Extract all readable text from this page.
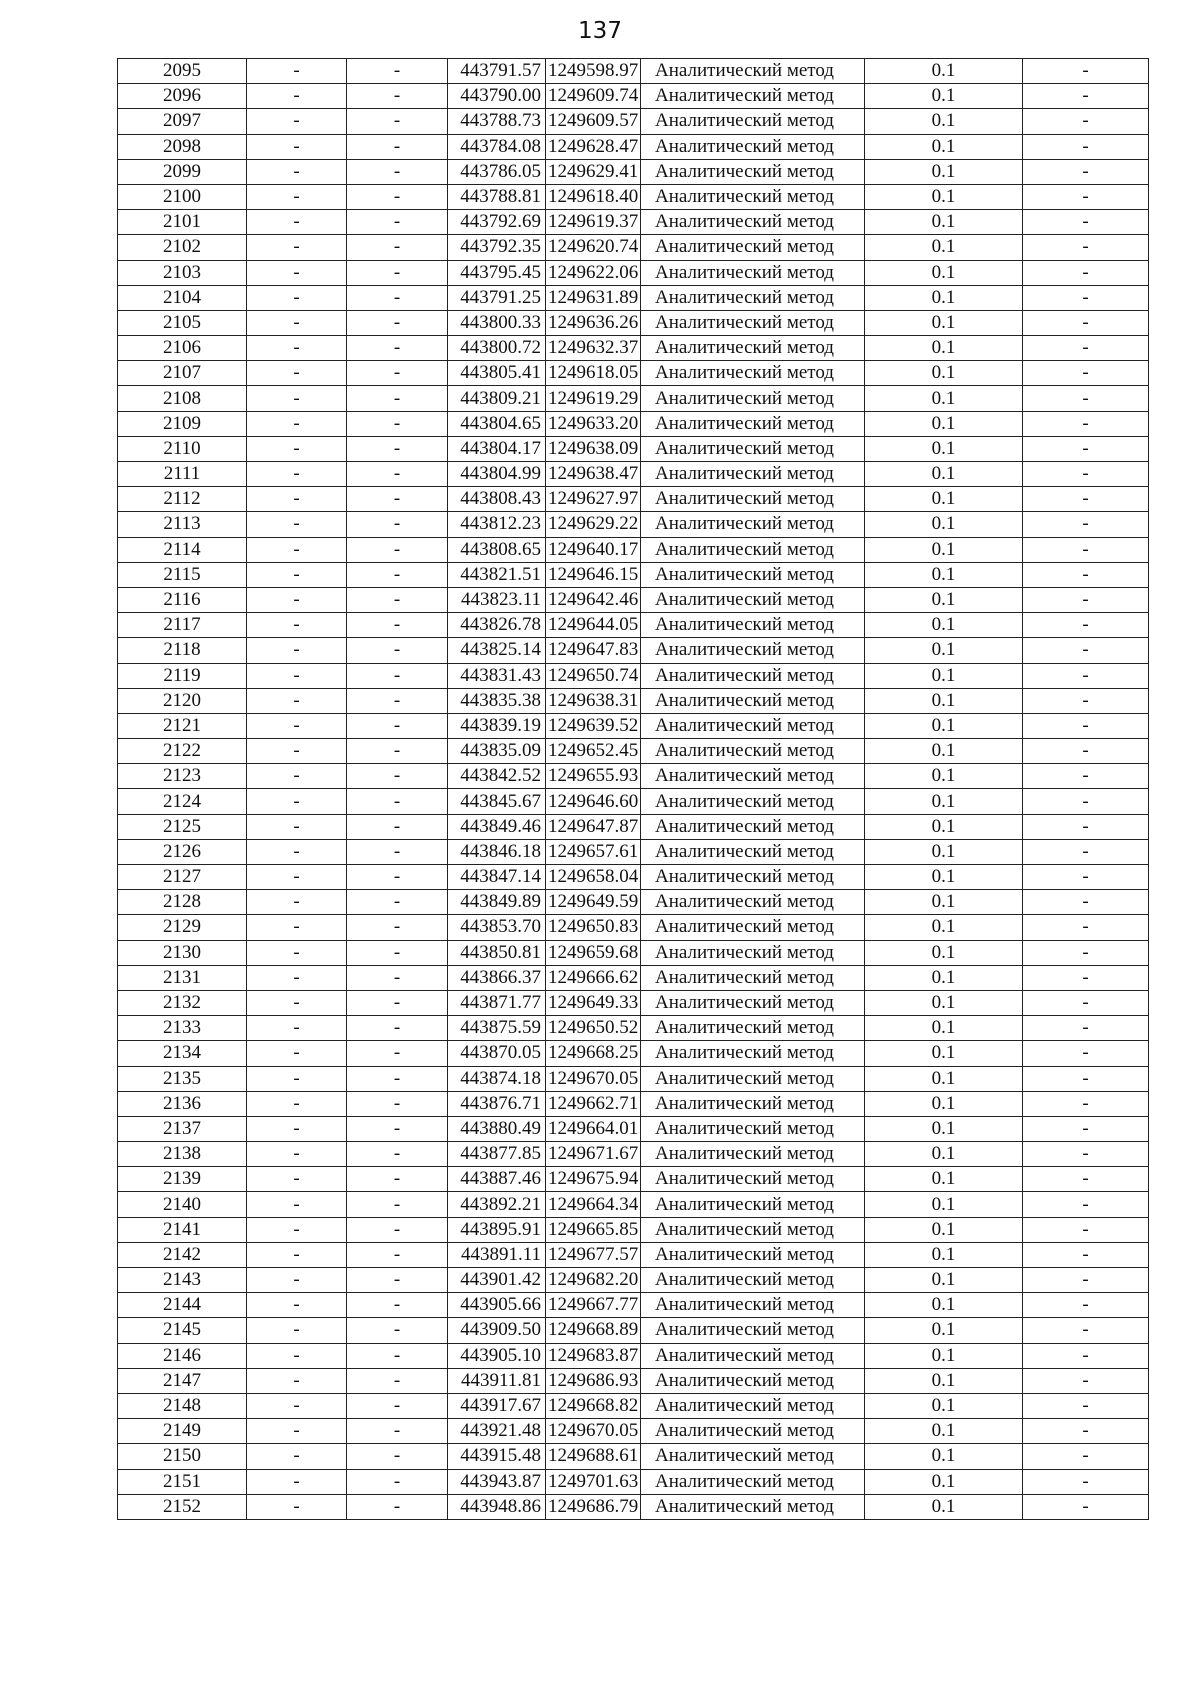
137
2095	-	-	443791.57	1249598.97	Аналитический метод	0.1	-
2096	-	-	443790.00	1249609.74	Аналитический метод	0.1	-
2097	-	-	443788.73	1249609.57	Аналитический метод	0.1	-
2098	-	-	443784.08	1249628.47	Аналитический метод	0.1	-
2099	-	-	443786.05	1249629.41	Аналитический метод	0.1	-
2100	-	-	443788.81	1249618.40	Аналитический метод	0.1	-
2101	-	-	443792.69	1249619.37	Аналитический метод	0.1	-
2102	-	-	443792.35	1249620.74	Аналитический метод	0.1	-
2103	-	-	443795.45	1249622.06	Аналитический метод	0.1	-
2104	-	-	443791.25	1249631.89	Аналитический метод	0.1	-
2105	-	-	443800.33	1249636.26	Аналитический метод	0.1	-
2106	-	-	443800.72	1249632.37	Аналитический метод	0.1	-
2107	-	-	443805.41	1249618.05	Аналитический метод	0.1	-
2108	-	-	443809.21	1249619.29	Аналитический метод	0.1	-
2109	-	-	443804.65	1249633.20	Аналитический метод	0.1	-
2110	-	-	443804.17	1249638.09	Аналитический метод	0.1	-
2111	-	-	443804.99	1249638.47	Аналитический метод	0.1	-
2112	-	-	443808.43	1249627.97	Аналитический метод	0.1	-
2113	-	-	443812.23	1249629.22	Аналитический метод	0.1	-
2114	-	-	443808.65	1249640.17	Аналитический метод	0.1	-
2115	-	-	443821.51	1249646.15	Аналитический метод	0.1	-
2116	-	-	443823.11	1249642.46	Аналитический метод	0.1	-
2117	-	-	443826.78	1249644.05	Аналитический метод	0.1	-
2118	-	-	443825.14	1249647.83	Аналитический метод	0.1	-
2119	-	-	443831.43	1249650.74	Аналитический метод	0.1	-
2120	-	-	443835.38	1249638.31	Аналитический метод	0.1	-
2121	-	-	443839.19	1249639.52	Аналитический метод	0.1	-
2122	-	-	443835.09	1249652.45	Аналитический метод	0.1	-
2123	-	-	443842.52	1249655.93	Аналитический метод	0.1	-
2124	-	-	443845.67	1249646.60	Аналитический метод	0.1	-
2125	-	-	443849.46	1249647.87	Аналитический метод	0.1	-
2126	-	-	443846.18	1249657.61	Аналитический метод	0.1	-
2127	-	-	443847.14	1249658.04	Аналитический метод	0.1	-
2128	-	-	443849.89	1249649.59	Аналитический метод	0.1	-
2129	-	-	443853.70	1249650.83	Аналитический метод	0.1	-
2130	-	-	443850.81	1249659.68	Аналитический метод	0.1	-
2131	-	-	443866.37	1249666.62	Аналитический метод	0.1	-
2132	-	-	443871.77	1249649.33	Аналитический метод	0.1	-
2133	-	-	443875.59	1249650.52	Аналитический метод	0.1	-
2134	-	-	443870.05	1249668.25	Аналитический метод	0.1	-
2135	-	-	443874.18	1249670.05	Аналитический метод	0.1	-
2136	-	-	443876.71	1249662.71	Аналитический метод	0.1	-
2137	-	-	443880.49	1249664.01	Аналитический метод	0.1	-
2138	-	-	443877.85	1249671.67	Аналитический метод	0.1	-
2139	-	-	443887.46	1249675.94	Аналитический метод	0.1	-
2140	-	-	443892.21	1249664.34	Аналитический метод	0.1	-
2141	-	-	443895.91	1249665.85	Аналитический метод	0.1	-
2142	-	-	443891.11	1249677.57	Аналитический метод	0.1	-
2143	-	-	443901.42	1249682.20	Аналитический метод	0.1	-
2144	-	-	443905.66	1249667.77	Аналитический метод	0.1	-
2145	-	-	443909.50	1249668.89	Аналитический метод	0.1	-
2146	-	-	443905.10	1249683.87	Аналитический метод	0.1	-
2147	-	-	443911.81	1249686.93	Аналитический метод	0.1	-
2148	-	-	443917.67	1249668.82	Аналитический метод	0.1	-
2149	-	-	443921.48	1249670.05	Аналитический метод	0.1	-
2150	-	-	443915.48	1249688.61	Аналитический метод	0.1	-
2151	-	-	443943.87	1249701.63	Аналитический метод	0.1	-
2152	-	-	443948.86	1249686.79	Аналитический метод	0.1	-
